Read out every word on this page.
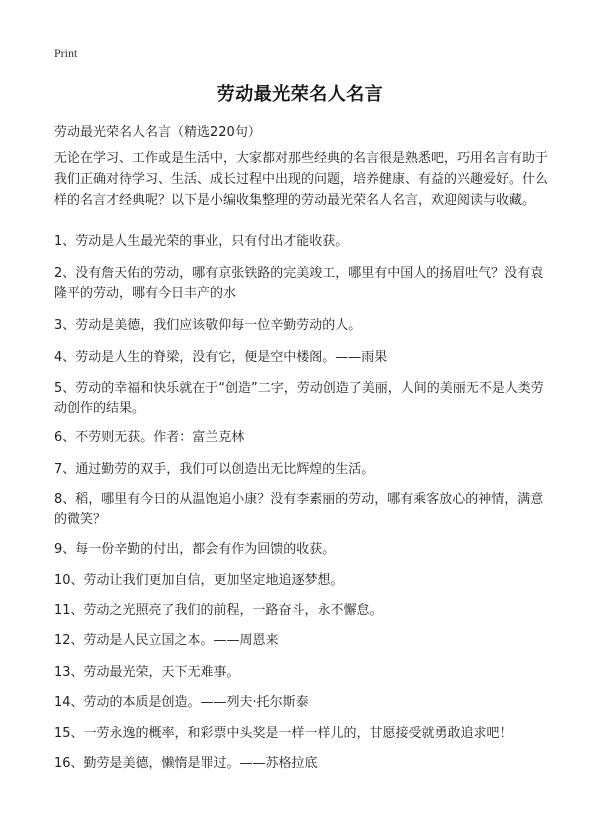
Print
劳动最光荣名人名言
劳动最光荣名人名言（精选220句）

无论在学习、工作或是生活中，大家都对那些经典的名言很是熟悉吧，巧用名言有助于我们正确对待学习、生活、成长过程中出现的问题，培养健康、有益的兴趣爱好。什么样的名言才经典呢？以下是小编收集整理的劳动最光荣名人名言，欢迎阅读与收藏。

1、劳动是人生最光荣的事业，只有付出才能收获。

2、没有詹天佑的劳动，哪有京张铁路的完美竣工，哪里有中国人的扬眉吐气？没有袁隆平的劳动，哪有今日丰产的水

3、劳动是美德，我们应该敬仰每一位辛勤劳动的人。

4、劳动是人生的脊梁，没有它，便是空中楼阁。——雨果

5、劳动的幸福和快乐就在于“创造”二字，劳动创造了美丽，人间的美丽无不是人类劳动创作的结果。

6、不劳则无获。作者：富兰克林

7、通过勤劳的双手，我们可以创造出无比辉煌的生活。

8、稻，哪里有今日的从温饱追小康？没有李素丽的劳动，哪有乘客放心的神情，满意的微笑？

9、每一份辛勤的付出，都会有作为回馈的收获。

10、劳动让我们更加自信，更加坚定地追逐梦想。

11、劳动之光照亮了我们的前程，一路奋斗，永不懈怠。

12、劳动是人民立国之本。——周恩来

13、劳动最光荣，天下无难事。

14、劳动的本质是创造。——列夫·托尔斯泰

15、一劳永逸的概率，和彩票中头奖是一样一样儿的，甘愿接受就勇敢追求吧！

16、勤劳是美德，懒惰是罪过。——苏格拉底
